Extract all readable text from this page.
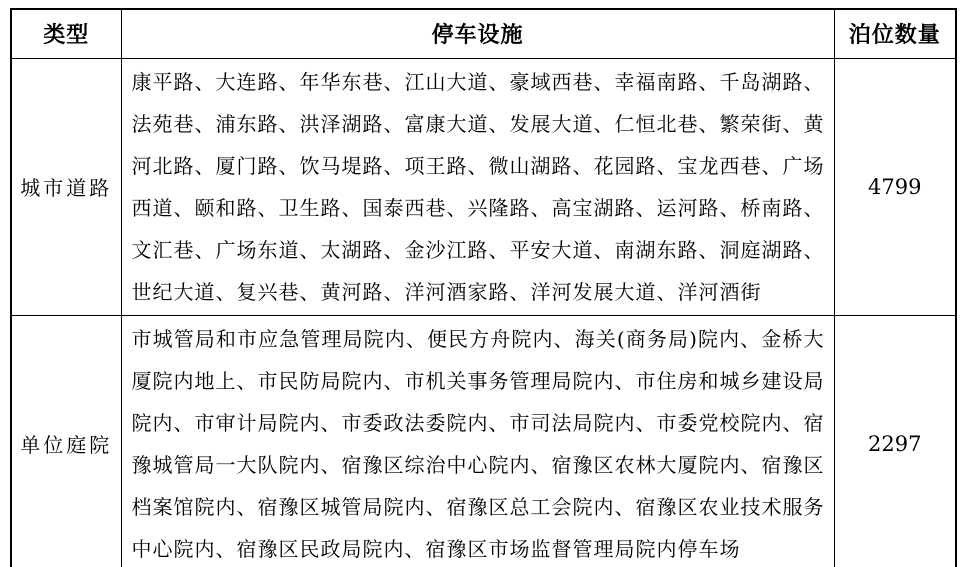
类型	停车设施	泊位数量
城市道路	康平路、大连路、年华东巷、江山大道、豪域西巷、幸福南路、千岛湖路、法苑巷、浦东路、洪泽湖路、富康大道、发展大道、仁恒北巷、繁荣街、黄河北路、厦门路、饮马堤路、项王路、微山湖路、花园路、宝龙西巷、广场西道、颐和路、卫生路、国泰西巷、兴隆路、高宝湖路、运河路、桥南路、文汇巷、广场东道、太湖路、金沙江路、平安大道、南湖东路、洞庭湖路、世纪大道、复兴巷、黄河路、洋河酒家路、洋河发展大道、洋河酒街	4799
单位庭院	市城管局和市应急管理局院内、便民方舟院内、海关(商务局)院内、金桥大厦院内地上、市民防局院内、市机关事务管理局院内、市住房和城乡建设局院内、市审计局院内、市委政法委院内、市司法局院内、市委党校院内、宿豫城管局一大队院内、宿豫区综治中心院内、宿豫区农林大厦院内、宿豫区档案馆院内、宿豫区城管局院内、宿豫区总工会院内、宿豫区农业技术服务中心院内、宿豫区民政局院内、宿豫区市场监督管理局院内停车场	2297
